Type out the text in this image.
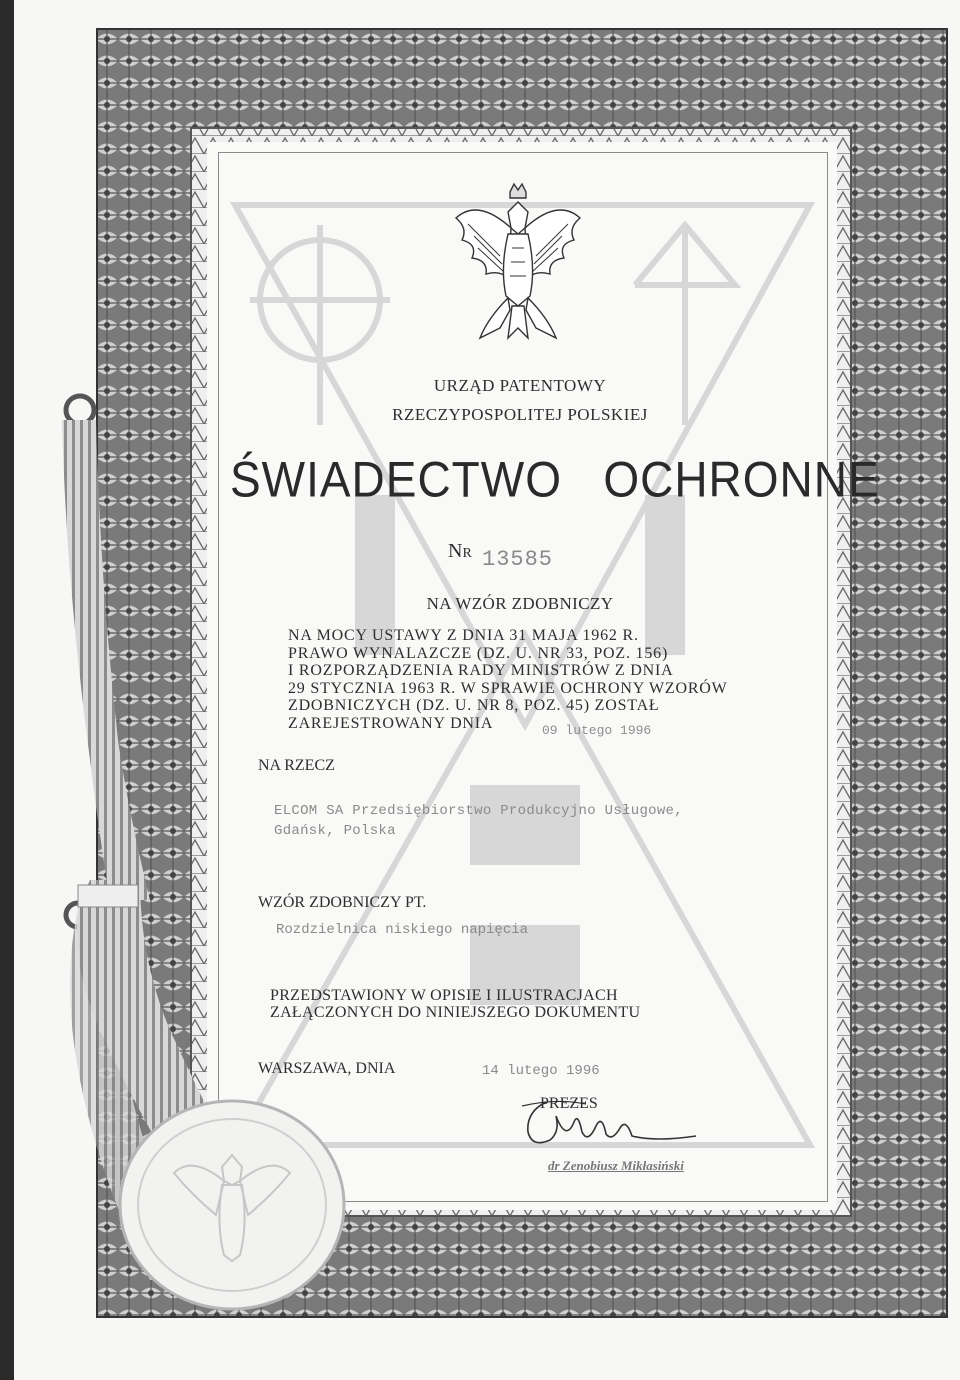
URZĄD PATENTOWY
RZECZYPOSPOLITEJ POLSKIEJ
ŚWIADECTWO   OCHRONNE
Nr 13585
NA WZÓR ZDOBNICZY
NA MOCY USTAWY Z DNIA 31 MAJA 1962 R.
PRAWO WYNALAZCZE (DZ. U. NR 33, POZ. 156)
I ROZPORZĄDZENIA RADY MINISTRÓW Z DNIA
29 STYCZNIA 1963 R. W SPRAWIE OCHRONY WZORÓW
ZDOBNICZYCH (DZ. U. NR 8, POZ. 45) ZOSTAŁ
ZAREJESTROWANY DNIA	09 lutego 1996
NA RZECZ
ELCOM SA Przedsiębiorstwo Produkcyjno Usługowe,
Gdańsk, Polska
WZÓR ZDOBNICZY PT.
Rozdzielnica niskiego napięcia
PRZEDSTAWIONY W OPISIE I ILUSTRACJACH
ZAŁĄCZONYCH DO NINIEJSZEGO DOKUMENTU
WARSZAWA, DNIA	14 lutego 1996
PREZES
dr Zenobiusz Mikłasiński
